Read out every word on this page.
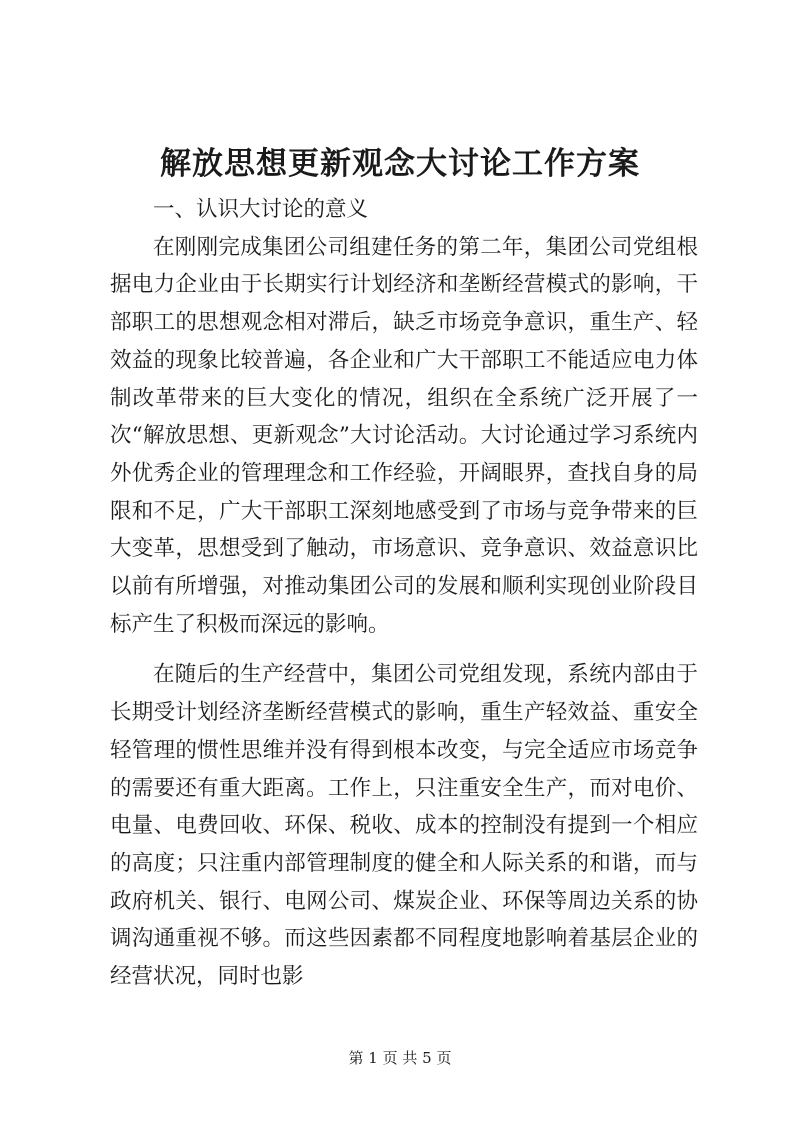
解放思想更新观念大讨论工作方案

一、认识大讨论的意义

在刚刚完成集团公司组建任务的第二年，集团公司党组根据电力企业由于长期实行计划经济和垄断经营模式的影响，干部职工的思想观念相对滞后，缺乏市场竞争意识，重生产、轻效益的现象比较普遍，各企业和广大干部职工不能适应电力体制改革带来的巨大变化的情况，组织在全系统广泛开展了一次“解放思想、更新观念”大讨论活动。大讨论通过学习系统内外优秀企业的管理理念和工作经验，开阔眼界，查找自身的局限和不足，广大干部职工深刻地感受到了市场与竞争带来的巨大变革，思想受到了触动，市场意识、竞争意识、效益意识比以前有所增强，对推动集团公司的发展和顺利实现创业阶段目标产生了积极而深远的影响。

在随后的生产经营中，集团公司党组发现，系统内部由于长期受计划经济垄断经营模式的影响，重生产轻效益、重安全轻管理的惯性思维并没有得到根本改变，与完全适应市场竞争的需要还有重大距离。工作上，只注重安全生产，而对电价、电量、电费回收、环保、税收、成本的控制没有提到一个相应的高度；只注重内部管理制度的健全和人际关系的和谐，而与政府机关、银行、电网公司、煤炭企业、环保等周边关系的协调沟通重视不够。而这些因素都不同程度地影响着基层企业的经营状况，同时也影

第 1 页 共 5 页
